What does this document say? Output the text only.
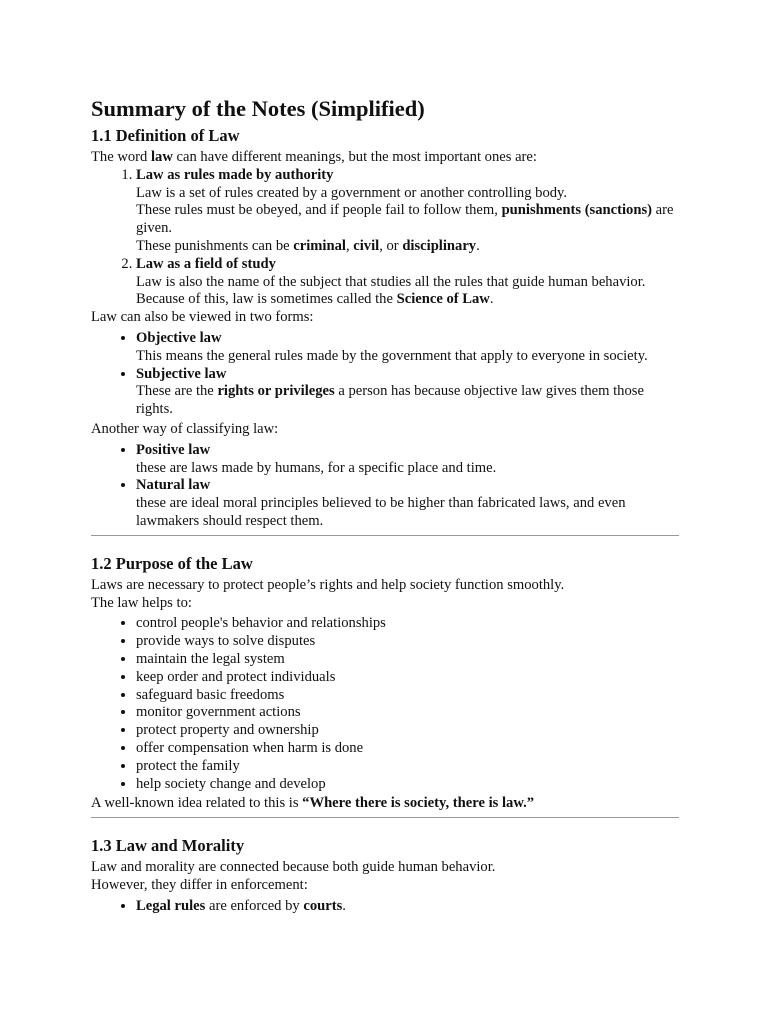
Summary of the Notes (Simplified)
1.1 Definition of Law

The word law can have different meanings, but the most important ones are:

1. Law as rules made by authority
Law is a set of rules created by a government or another controlling body.
These rules must be obeyed, and if people fail to follow them, punishments (sanctions) are given.
These punishments can be criminal, civil, or disciplinary.
2. Law as a field of study
Law is also the name of the subject that studies all the rules that guide human behavior.
Because of this, law is sometimes called the Science of Law.

Law can also be viewed in two forms:

• Objective law
This means the general rules made by the government that apply to everyone in society.
• Subjective law
These are the rights or privileges a person has because objective law gives them those rights.

Another way of classifying law:

• Positive law
these are laws made by humans, for a specific place and time.
• Natural law
these are ideal moral principles believed to be higher than fabricated laws, and even lawmakers should respect them.
1.2 Purpose of the Law

Laws are necessary to protect people’s rights and help society function smoothly.

The law helps to:

• control people's behavior and relationships
• provide ways to solve disputes
• maintain the legal system
• keep order and protect individuals
• safeguard basic freedoms
• monitor government actions
• protect property and ownership
• offer compensation when harm is done
• protect the family
• help society change and develop

A well-known idea related to this is “Where there is society, there is law.”

1.3 Law and Morality

Law and morality are connected because both guide human behavior.

However, they differ in enforcement:

• Legal rules are enforced by courts.
